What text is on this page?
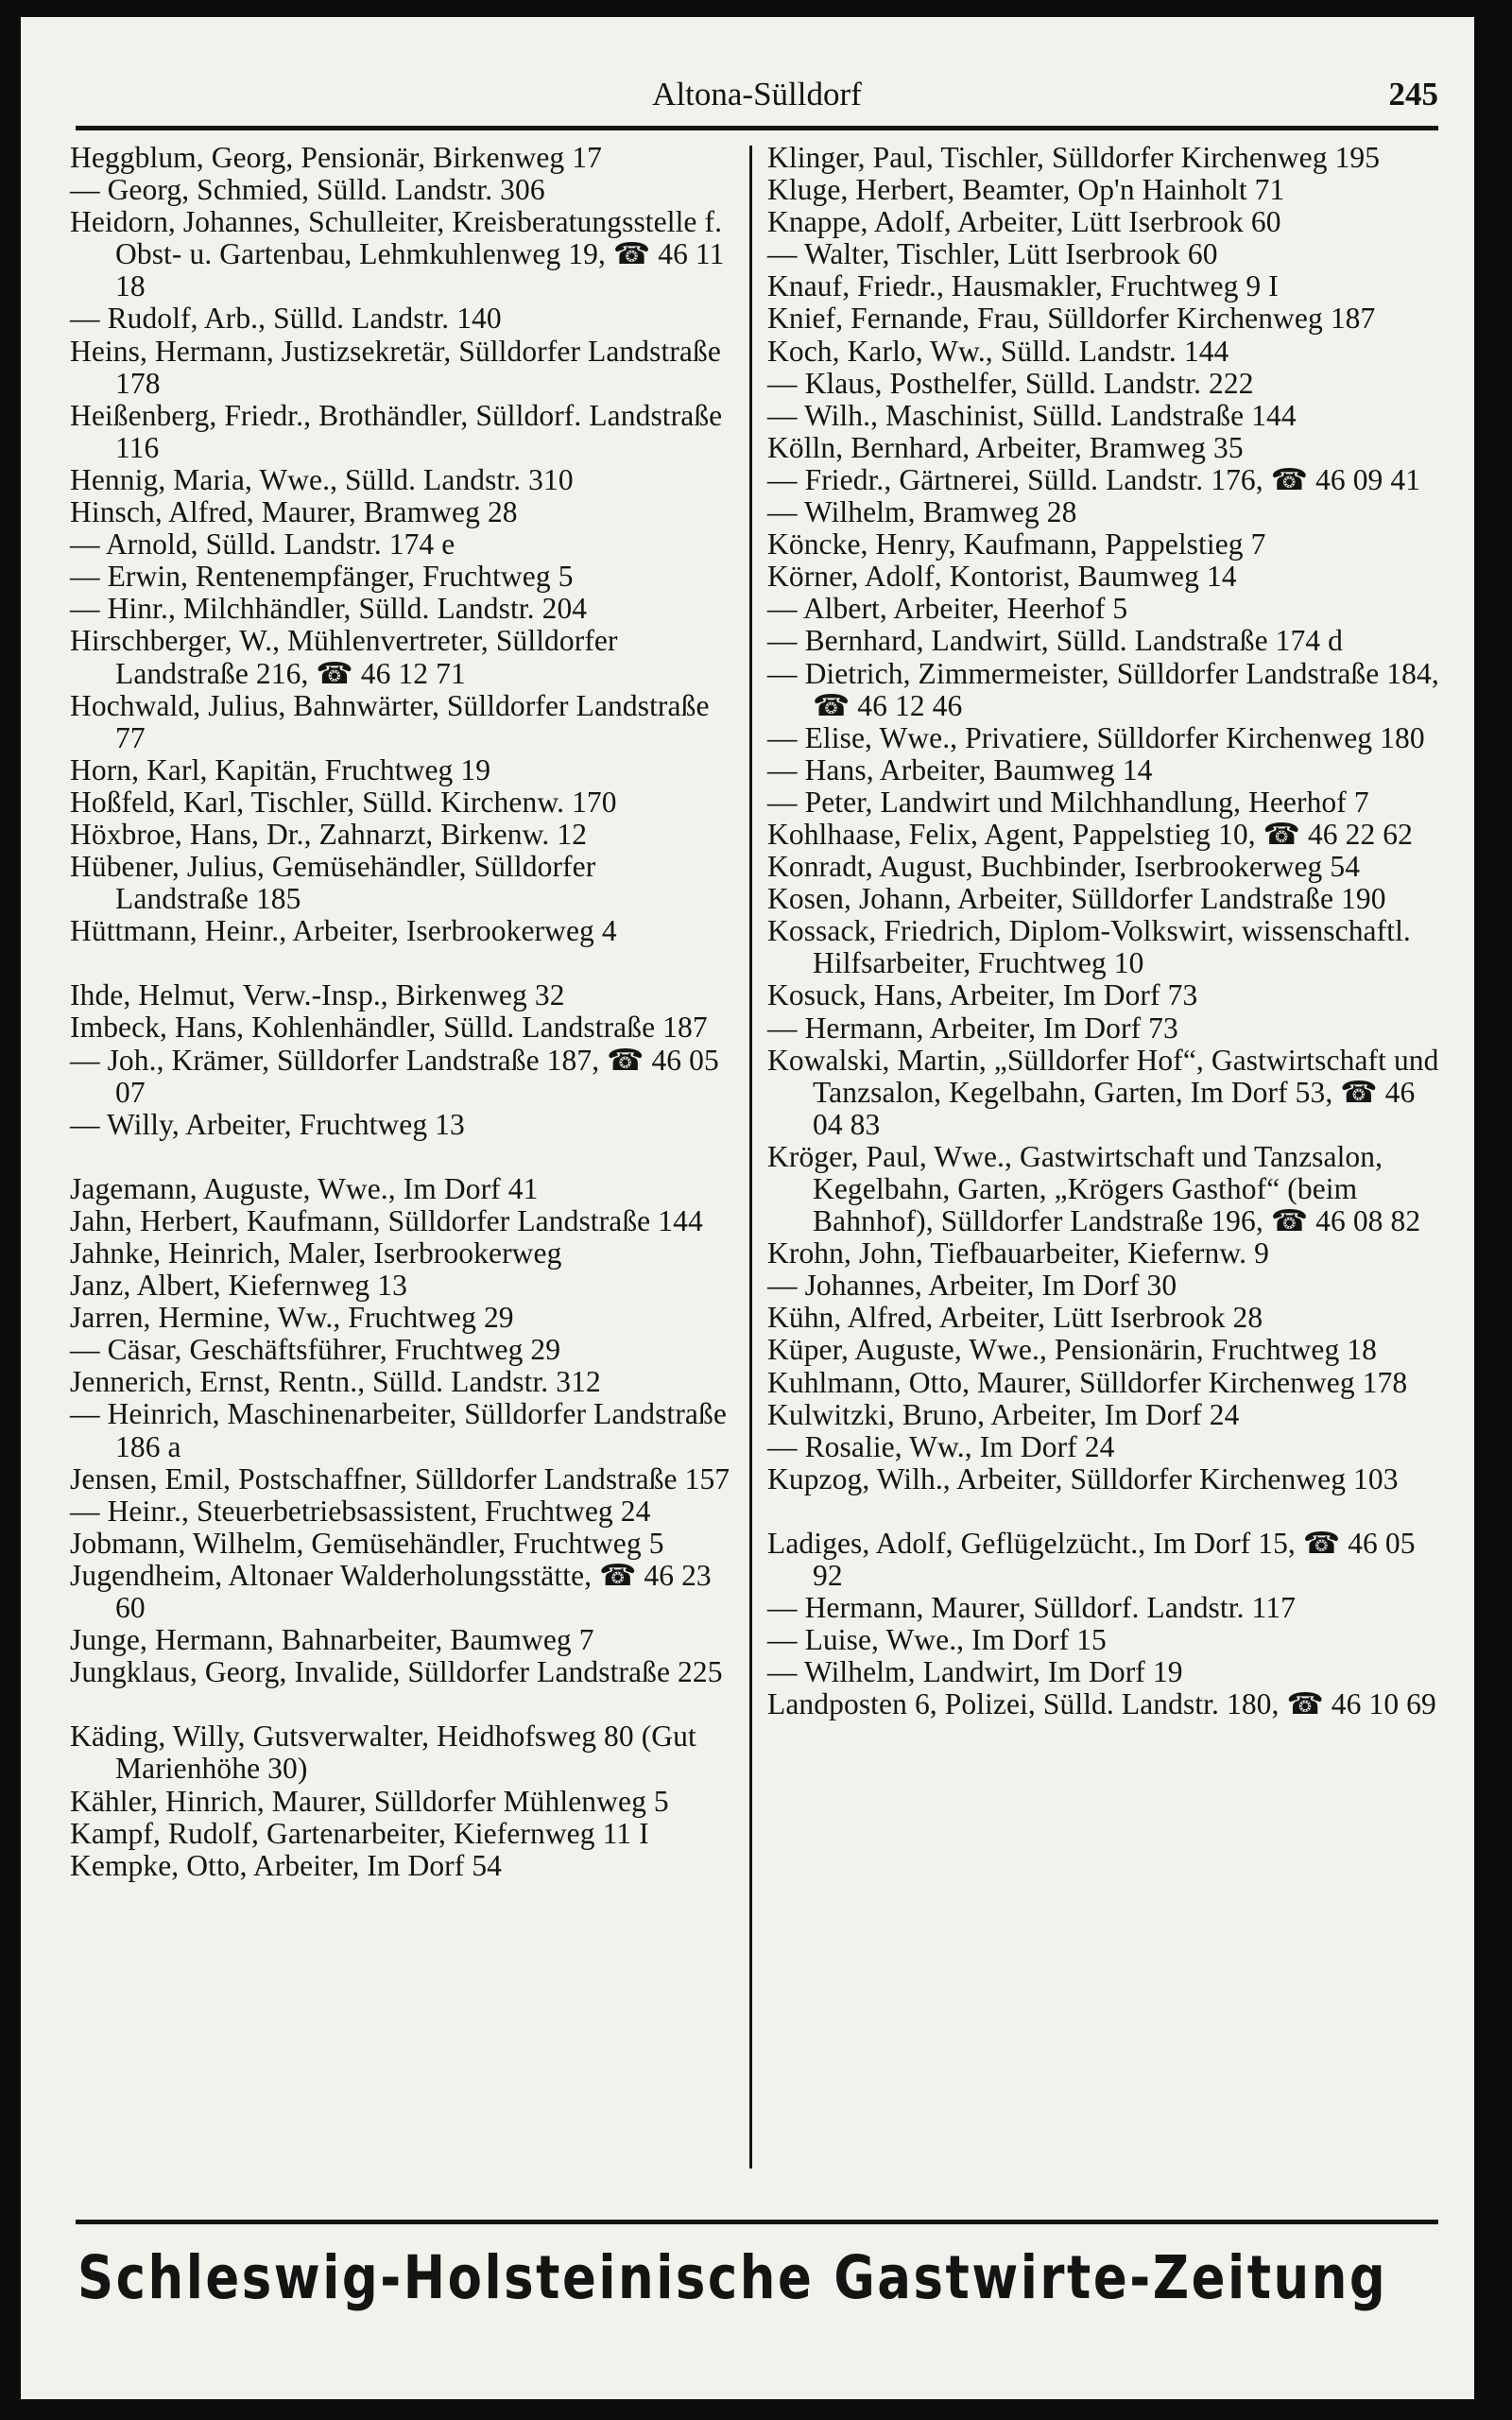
Altona-Sülldorf	245

Heggblum, Georg, Pensionär, Birkenweg 17

— Georg, Schmied, Sülld. Landstr. 306

Heidorn, Johannes, Schulleiter, Kreisberatungsstelle f. Obst- u. Gartenbau, Lehmkuhlenweg 19, ☎ 46 11 18

— Rudolf, Arb., Sülld. Landstr. 140

Heins, Hermann, Justizsekretär, Sülldorfer Landstraße 178

Heißenberg, Friedr., Brothändler, Sülldorf. Landstraße 116

Hennig, Maria, Wwe., Sülld. Landstr. 310

Hinsch, Alfred, Maurer, Bramweg 28

— Arnold, Sülld. Landstr. 174 e

— Erwin, Rentenempfänger, Fruchtweg 5

— Hinr., Milchhändler, Sülld. Landstr. 204

Hirschberger, W., Mühlenvertreter, Sülldorfer Landstraße 216, ☎ 46 12 71

Hochwald, Julius, Bahnwärter, Sülldorfer Landstraße 77

Horn, Karl, Kapitän, Fruchtweg 19

Hoßfeld, Karl, Tischler, Sülld. Kirchenw. 170

Höxbroe, Hans, Dr., Zahnarzt, Birkenw. 12

Hübener, Julius, Gemüsehändler, Sülldorfer Landstraße 185

Hüttmann, Heinr., Arbeiter, Iserbrookerweg 4

Ihde, Helmut, Verw.-Insp., Birkenweg 32

Imbeck, Hans, Kohlenhändler, Sülld. Landstraße 187

— Joh., Krämer, Sülldorfer Landstraße 187, ☎ 46 05 07

— Willy, Arbeiter, Fruchtweg 13

Jagemann, Auguste, Wwe., Im Dorf 41

Jahn, Herbert, Kaufmann, Sülldorfer Landstraße 144

Jahnke, Heinrich, Maler, Iserbrookerweg

Janz, Albert, Kiefernweg 13

Jarren, Hermine, Ww., Fruchtweg 29

— Cäsar, Geschäftsführer, Fruchtweg 29

Jennerich, Ernst, Rentn., Sülld. Landstr. 312

— Heinrich, Maschinenarbeiter, Sülldorfer Landstraße 186 a

Jensen, Emil, Postschaffner, Sülldorfer Landstraße 157

— Heinr., Steuerbetriebsassistent, Fruchtweg 24

Jobmann, Wilhelm, Gemüsehändler, Fruchtweg 5

Jugendheim, Altonaer Walderholungsstätte, ☎ 46 23 60

Junge, Hermann, Bahnarbeiter, Baumweg 7

Jungklaus, Georg, Invalide, Sülldorfer Landstraße 225

Käding, Willy, Gutsverwalter, Heidhofsweg 80 (Gut Marienhöhe 30)

Kähler, Hinrich, Maurer, Sülldorfer Mühlenweg 5

Kampf, Rudolf, Gartenarbeiter, Kiefernweg 11 I

Kempke, Otto, Arbeiter, Im Dorf 54

Klinger, Paul, Tischler, Sülldorfer Kirchenweg 195

Kluge, Herbert, Beamter, Op'n Hainholt 71

Knappe, Adolf, Arbeiter, Lütt Iserbrook 60

— Walter, Tischler, Lütt Iserbrook 60

Knauf, Friedr., Hausmakler, Fruchtweg 9 I

Knief, Fernande, Frau, Sülldorfer Kirchenweg 187

Koch, Karlo, Ww., Sülld. Landstr. 144

— Klaus, Posthelfer, Sülld. Landstr. 222

— Wilh., Maschinist, Sülld. Landstraße 144

Kölln, Bernhard, Arbeiter, Bramweg 35

— Friedr., Gärtnerei, Sülld. Landstr. 176, ☎ 46 09 41

— Wilhelm, Bramweg 28

Köncke, Henry, Kaufmann, Pappelstieg 7

Körner, Adolf, Kontorist, Baumweg 14

— Albert, Arbeiter, Heerhof 5

— Bernhard, Landwirt, Sülld. Landstraße 174 d

— Dietrich, Zimmermeister, Sülldorfer Landstraße 184, ☎ 46 12 46

— Elise, Wwe., Privatiere, Sülldorfer Kirchenweg 180

— Hans, Arbeiter, Baumweg 14

— Peter, Landwirt und Milchhandlung, Heerhof 7

Kohlhaase, Felix, Agent, Pappelstieg 10, ☎ 46 22 62

Konradt, August, Buchbinder, Iserbrookerweg 54

Kosen, Johann, Arbeiter, Sülldorfer Landstraße 190

Kossack, Friedrich, Diplom-Volkswirt, wissenschaftl. Hilfsarbeiter, Fruchtweg 10

Kosuck, Hans, Arbeiter, Im Dorf 73

— Hermann, Arbeiter, Im Dorf 73

Kowalski, Martin, „Sülldorfer Hof“, Gastwirtschaft und Tanzsalon, Kegelbahn, Garten, Im Dorf 53, ☎ 46 04 83

Kröger, Paul, Wwe., Gastwirtschaft und Tanzsalon, Kegelbahn, Garten, „Krögers Gasthof“ (beim Bahnhof), Sülldorfer Landstraße 196, ☎ 46 08 82

Krohn, John, Tiefbauarbeiter, Kiefernw. 9

— Johannes, Arbeiter, Im Dorf 30

Kühn, Alfred, Arbeiter, Lütt Iserbrook 28

Küper, Auguste, Wwe., Pensionärin, Fruchtweg 18

Kuhlmann, Otto, Maurer, Sülldorfer Kirchenweg 178

Kulwitzki, Bruno, Arbeiter, Im Dorf 24

— Rosalie, Ww., Im Dorf 24

Kupzog, Wilh., Arbeiter, Sülldorfer Kirchenweg 103

Ladiges, Adolf, Geflügelzücht., Im Dorf 15, ☎ 46 05 92

— Hermann, Maurer, Sülldorf. Landstr. 117

— Luise, Wwe., Im Dorf 15

— Wilhelm, Landwirt, Im Dorf 19

Landposten 6, Polizei, Sülld. Landstr. 180, ☎ 46 10 69

Schleswig-Holsteinische Gastwirte-Zeitung
